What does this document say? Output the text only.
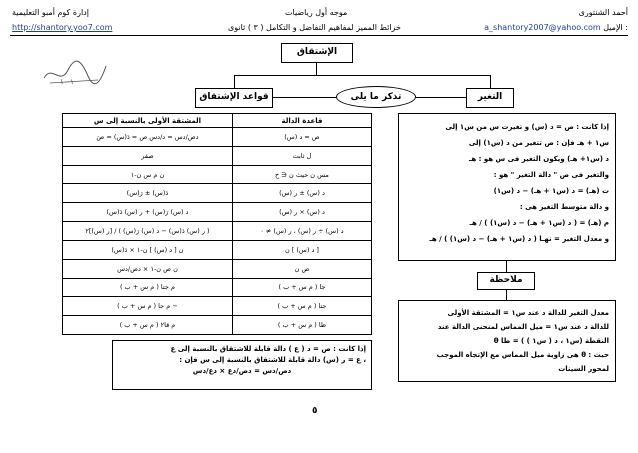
أحمد الشنتورى
موجه أول رياضيات
إدارة كوم أمبو التعليمية
a_shantory2007@yahoo.com الإميل :
خرائط المميز لمفاهيم التفاضل و التكامل ( ٣ ) ثانوى
http://shantory.yoo7.com
١-١٠
الإشتقاق
قواعد الإشتقاق	تذكر ما يلى	التغير
المشتقة الأولى بالنسبة إلى س	قاعدة الدالة
دص/دس = د/دس ص = دَ(س) = صَ	ص = د (س)
صفر	ل ثابت
ن م س ن-١	مس ن حيث ن ∈ ح
دَ(س) ± رَ(س)	د (س) ± ر (س)
د (س) رَ(س) + ر (س) دَ(س)	د (س) × ر (س)
( ر (س) دَ(س) − د (س) رَ(س) ) / [ر (س)]٢	د (س) ÷ ر (س) ، ر (س) ≠ ٠
ن [ د (س) ] ن-١ × دَ(س)	[ د (س) ] ن
ن ص ن-١ × دص/دس	ص ن
م جتا ( م س + ب )	جا ( م س + ب )
− م جا ( م س + ب )	جتا ( م س + ب )
م قا٢ ( م س + ب )	ظا ( م س + ب )
إذا كانت : ص = د ( ع ) دالة قابلة للاشتقاق بالنسبة إلى ع
، ع = ر (س) دالة قابلة للاشتقاق بالنسبة إلى س فإن :
دص/دس = دص/دع × دع/دس
إذا كانت : ص = د (س) و تغيرت س من س١ إلى
س١ + هـ فإن : ص تتغير من د (س١) إلى
د (س١+ هـ) ويكون التغير فى س هو : هـ
والتغير فى ص " دالة التغير " هو :
ت (هـ) = د (س١ + هـ) − د (س١)
و دالة متوسط التغير هى :
م (هـ) = ( د (س١ + هـ) − د (س١) ) / هـ
و معدل التغير = نهـا ( د (س١ + هـ) − د (س١) ) / هـ
ملاحظة
معدل التغير للدالة د عند س١ = المشتقة الأولى
للدالة د عند س١ = ميل المماس لمنحنى الدالة عند
النقطة (س١ ، د ( س١ ) ) = ظا θ
حيث : θ هى زاوية ميل المماس مع الإتجاه الموجب
لمحور السينات
٥
